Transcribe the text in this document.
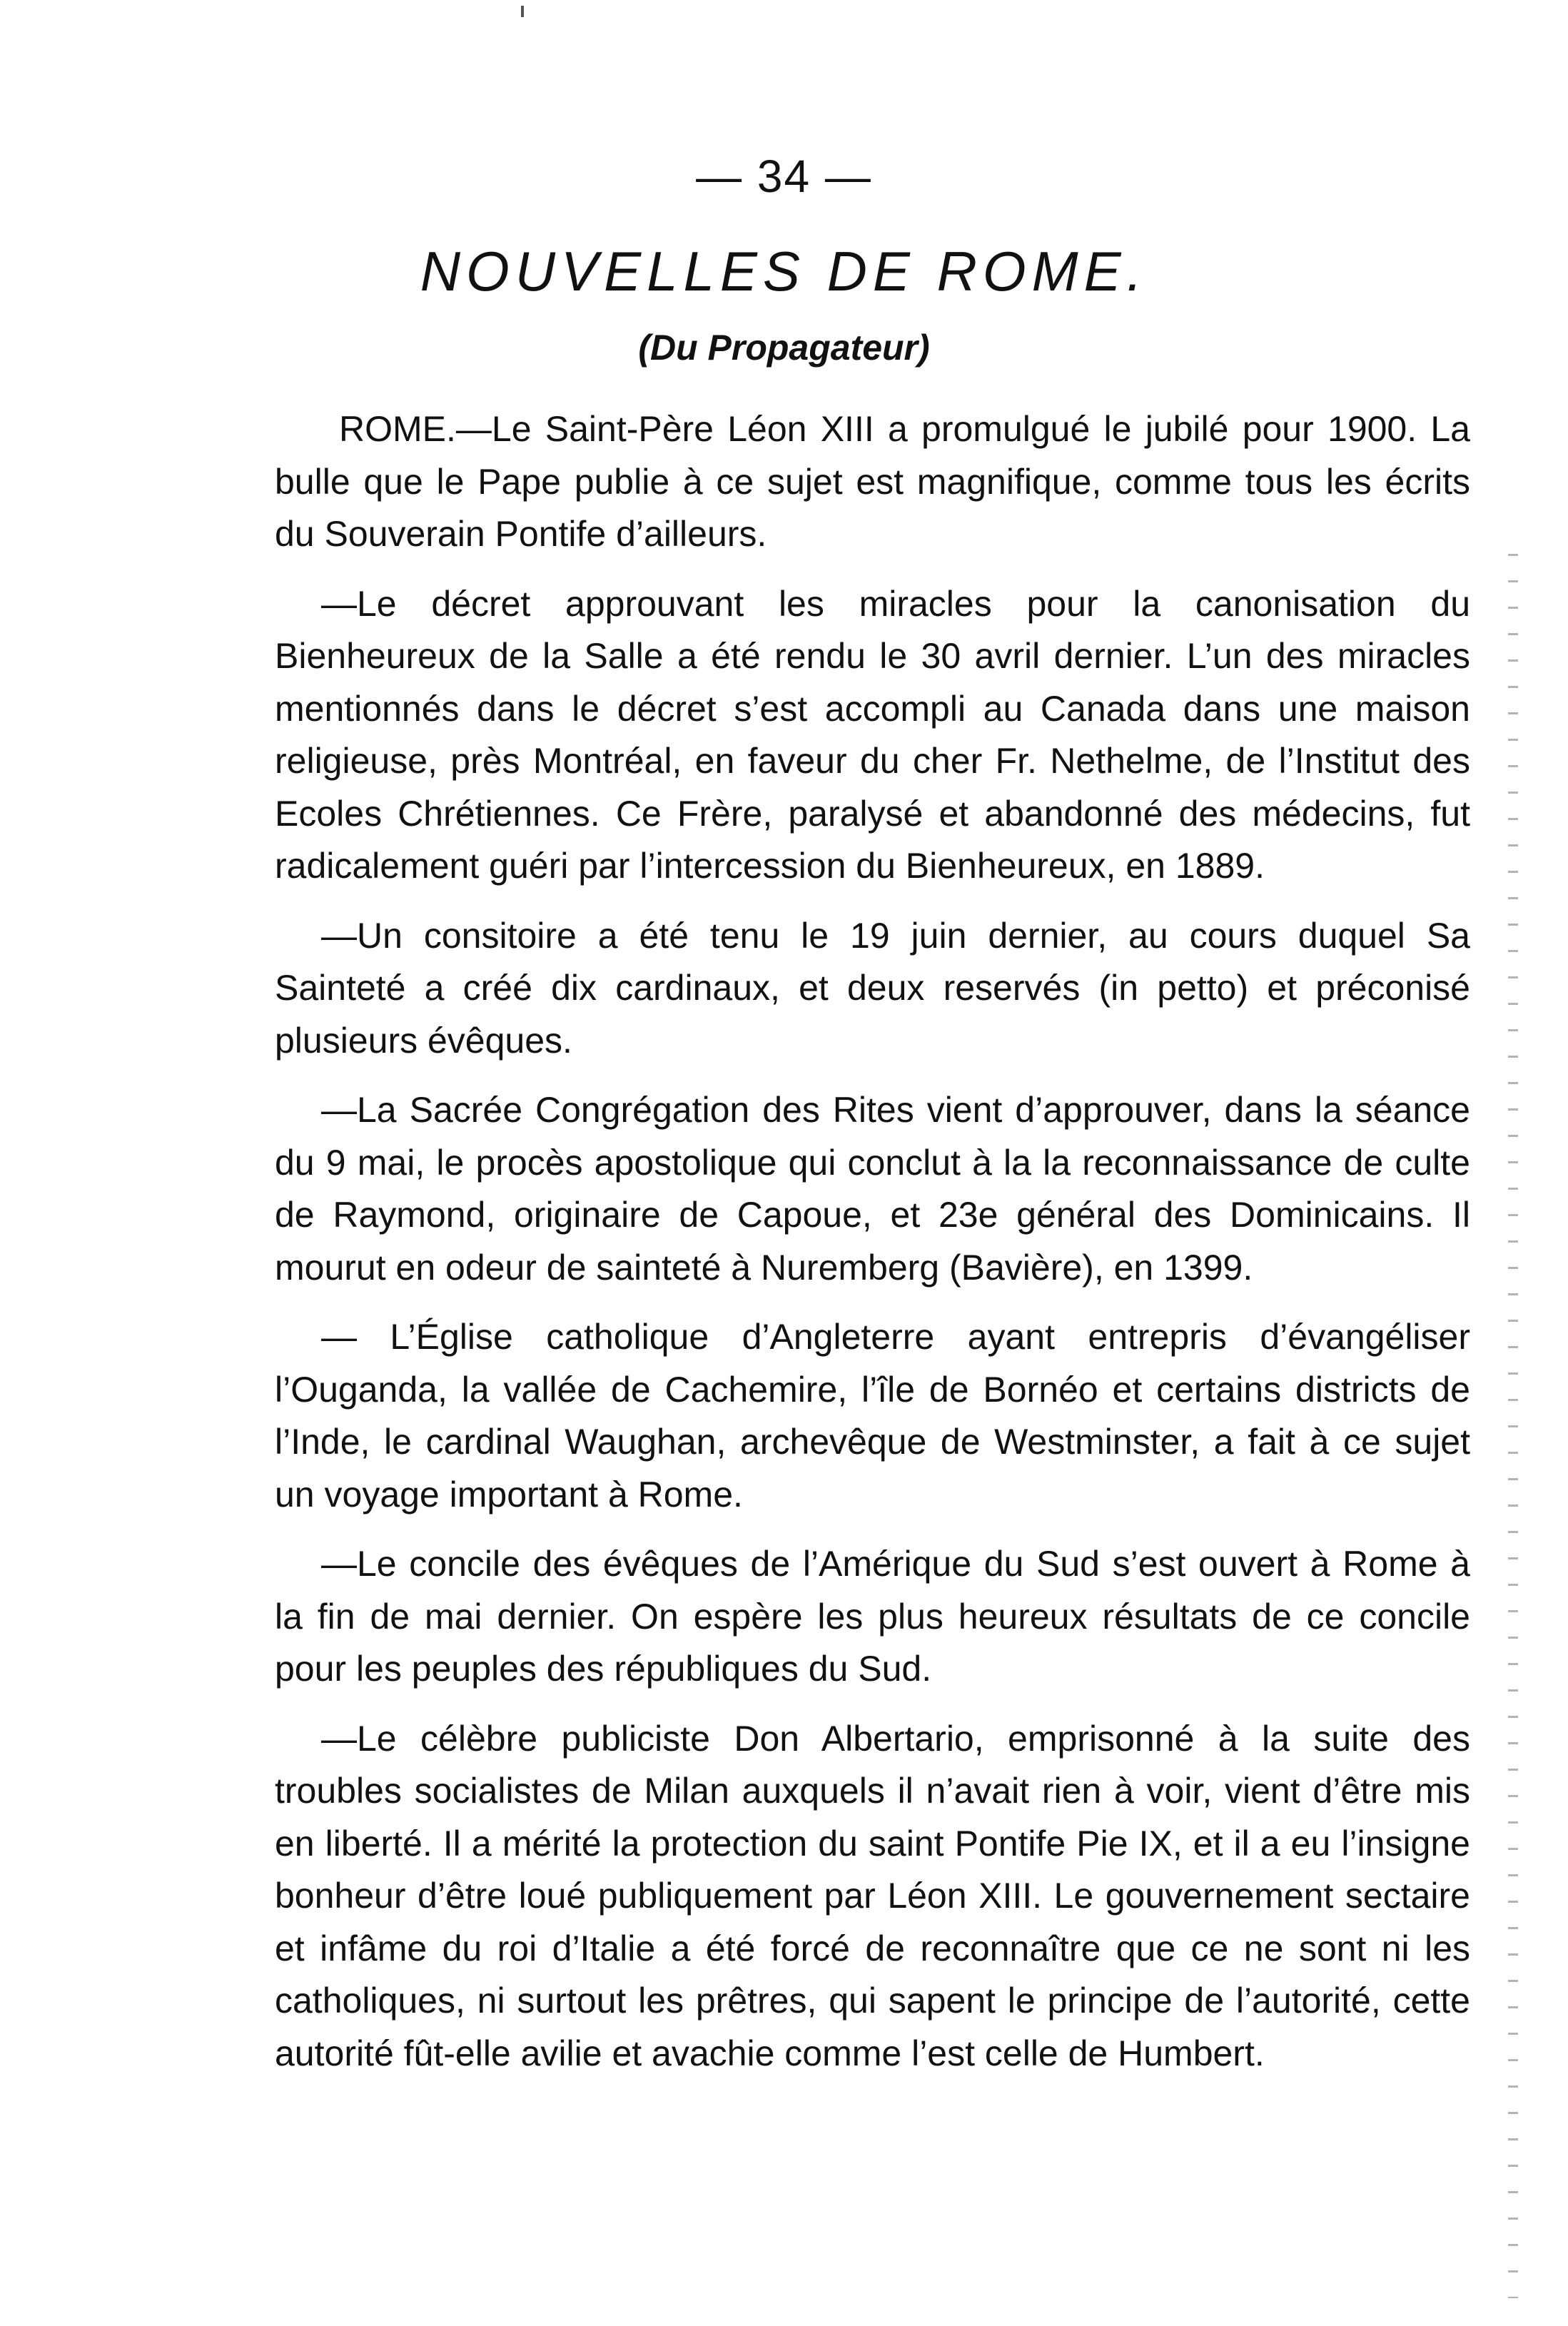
— 34 —
NOUVELLES DE ROME.
(Du Propagateur)

ROME.—Le Saint-Père Léon XIII a promulgué le jubilé pour 1900. La bulle que le Pape publie à ce sujet est magnifique, comme tous les écrits du Souverain Pontife d’ailleurs.

—Le décret approuvant les miracles pour la canonisation du Bienheureux de la Salle a été rendu le 30 avril dernier. L’un des miracles mentionnés dans le décret s’est accompli au Canada dans une maison religieuse, près Montréal, en faveur du cher Fr. Nethelme, de l’Institut des Ecoles Chrétiennes. Ce Frère, paralysé et abandonné des médecins, fut radicalement guéri par l’intercession du Bienheureux, en 1889.

—Un consitoire a été tenu le 19 juin dernier, au cours duquel Sa Sainteté a créé dix cardinaux, et deux reservés (in petto) et préconisé plusieurs évêques.

—La Sacrée Congrégation des Rites vient d’approuver, dans la séance du 9 mai, le procès apostolique qui conclut à la la reconnaissance de culte de Raymond, originaire de Capoue, et 23e général des Dominicains. Il mourut en odeur de sainteté à Nuremberg (Bavière), en 1399.

— L’Église catholique d’Angleterre ayant entrepris d’évangéliser l’Ouganda, la vallée de Cachemire, l’île de Bornéo et certains districts de l’Inde, le cardinal Waughan, archevêque de Westminster, a fait à ce sujet un voyage important à Rome.

—Le concile des évêques de l’Amérique du Sud s’est ouvert à Rome à la fin de mai dernier. On espère les plus heureux résultats de ce concile pour les peuples des républiques du Sud.

—Le célèbre publiciste Don Albertario, emprisonné à la suite des troubles socialistes de Milan auxquels il n’avait rien à voir, vient d’être mis en liberté. Il a mérité la protection du saint Pontife Pie IX, et il a eu l’insigne bonheur d’être loué publiquement par Léon XIII. Le gouvernement sectaire et infâme du roi d’Italie a été forcé de reconnaître que ce ne sont ni les catholiques, ni surtout les prêtres, qui sapent le principe de l’autorité, cette autorité fût-elle avilie et avachie comme l’est celle de Humbert.
